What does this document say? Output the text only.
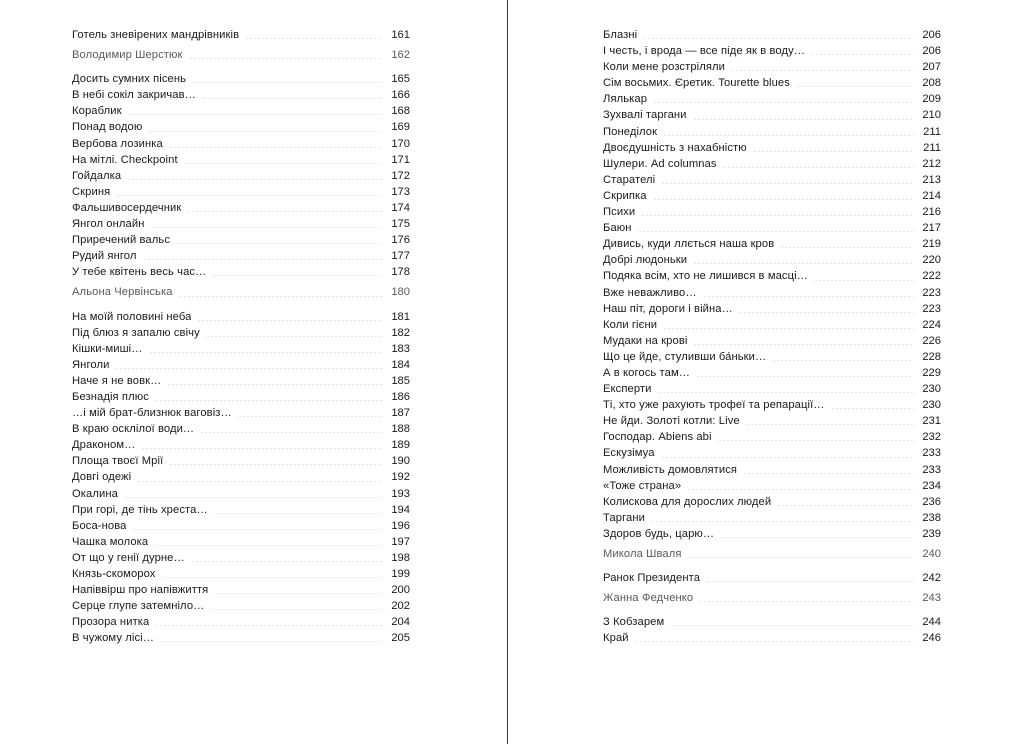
Готель зневірених мандрівників	161
Володимир Шерстюк	162
Досить сумних пісень	165
В небі сокіл закричав…	166
Кораблик	168
Понад водою	169
Вербова лозинка	170
На мітлі. Checkpoint	171
Гойдалка	172
Скриня	173
Фальшивосердечник	174
Янгол онлайн	175
Приречений вальс	176
Рудий янгол	177
У тебе квітень весь час…	178
Альона Червінська	180
На моїй половині неба	181
Під блюз я запалю свічу	182
Кішки-миші…	183
Янголи	184
Наче я не вовк…	185
Безнадія плюс	186
…і мій брат-близнюк ваговіз…	187
В краю осклілої води…	188
Драконом…	189
Площа твоєї Мрії	190
Довгі одежі	192
Окалина	193
При горі, де тінь хреста…	194
Боса-нова	196
Чашка молока	197
От що у генії дурне…	198
Князь-скоморох	199
Напіввірш про напівжиття	200
Серце глупе затемніло…	202
Прозора нитка	204
В чужому лісі…	205
Блазні	206
І честь, і врода — все піде як в воду…	206
Коли мене розстріляли	207
Сім восьмих. Єретик. Tourette blues	208
Лялькар	209
Зухвалі таргани	210
Понеділок	211
Двоєдушність з нахабністю	211
Шулери. Ad columnas	212
Старателі	213
Скрипка	214
Психи	216
Баюн	217
Дивись, куди ллється наша кров	219
Добрі людоньки	220
Подяка всім, хто не лишився в масці…	222
Вже неважливо…	223
Наш піт, дороги і війна…	223
Коли гієни	224
Мудаки на крові	226
Що це йде, стуливши ба́ньки…	228
А в когось там…	229
Експерти	230
Ті, хто уже рахують трофеї та репарації…	230
Не йди. Золоті котли: Live	231
Господар. Abiens abi	232
Ескузімуа	233
Можливість домовлятися	233
«Тоже страна»	234
Колискова для дорослих людей	236
Таргани	238
Здоров будь, царю…	239
Микола Шваля	240
Ранок Президента	242
Жанна Федченко	243
З Кобзарем	244
Край	246
